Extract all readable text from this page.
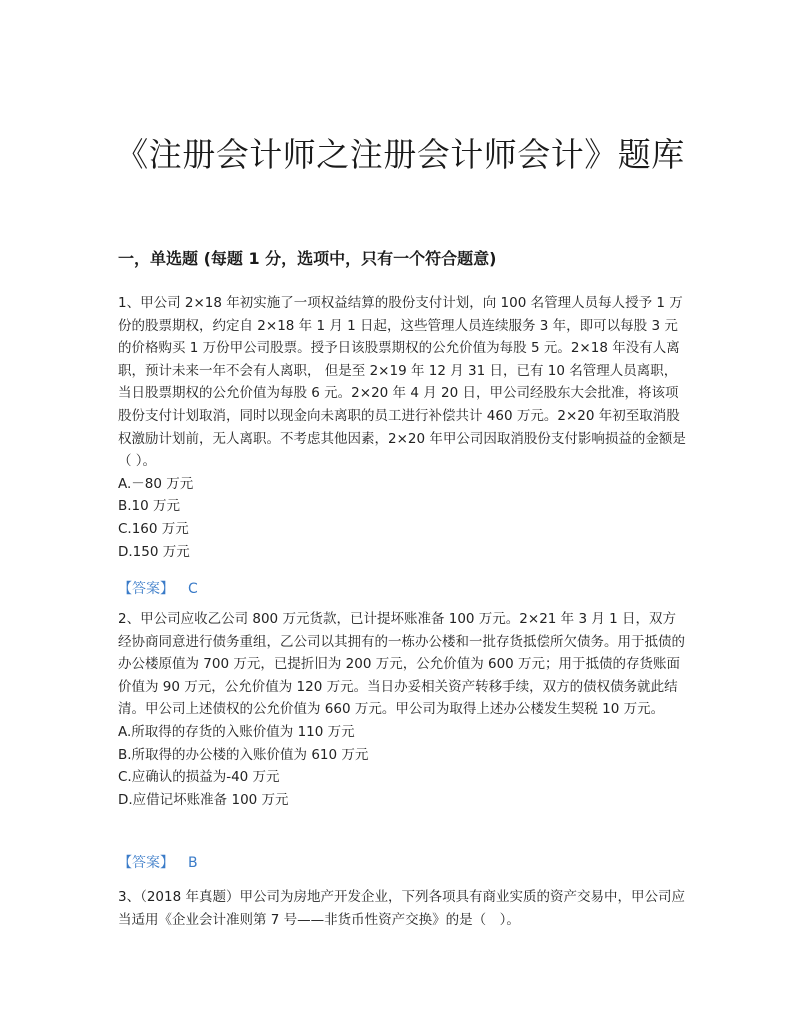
《注册会计师之注册会计师会计》题库
一，单选题 (每题 1 分，选项中，只有一个符合题意)

1、甲公司 2×18 年初实施了一项权益结算的股份支付计划，向 100 名管理人员每人授予 1 万份的股票期权，约定自 2×18 年 1 月 1 日起，这些管理人员连续服务 3 年，即可以每股 3 元的价格购买 1 万份甲公司股票。授予日该股票期权的公允价值为每股 5 元。2×18 年没有人离职，预计未来一年不会有人离职， 但是至 2×19 年 12 月 31 日，已有 10 名管理人员离职，当日股票期权的公允价值为每股 6 元。2×20 年 4 月 20 日，甲公司经股东大会批准，将该项股份支付计划取消，同时以现金向未离职的员工进行补偿共计 460 万元。2×20 年初至取消股权激励计划前，无人离职。不考虑其他因素，2×20 年甲公司因取消股份支付影响损益的金额是（ ）。

A.－80 万元
B.10 万元
C.160 万元
D.150 万元
【答案】 C

2、甲公司应收乙公司 800 万元货款，已计提坏账准备 100 万元。2×21 年 3 月 1 日，双方经协商同意进行债务重组，乙公司以其拥有的一栋办公楼和一批存货抵偿所欠债务。用于抵债的办公楼原值为 700 万元，已提折旧为 200 万元，公允价值为 600 万元；用于抵债的存货账面价值为 90 万元，公允价值为 120 万元。当日办妥相关资产转移手续，双方的债权债务就此结清。甲公司上述债权的公允价值为 660 万元。甲公司为取得上述办公楼发生契税 10 万元。

A.所取得的存货的入账价值为 110 万元
B.所取得的办公楼的入账价值为 610 万元
C.应确认的损益为-40 万元
D.应借记坏账准备 100 万元
【答案】 B

3、（2018 年真题）甲公司为房地产开发企业，下列各项具有商业实质的资产交易中，甲公司应当适用《企业会计准则第 7 号——非货币性资产交换》的是（　）。
